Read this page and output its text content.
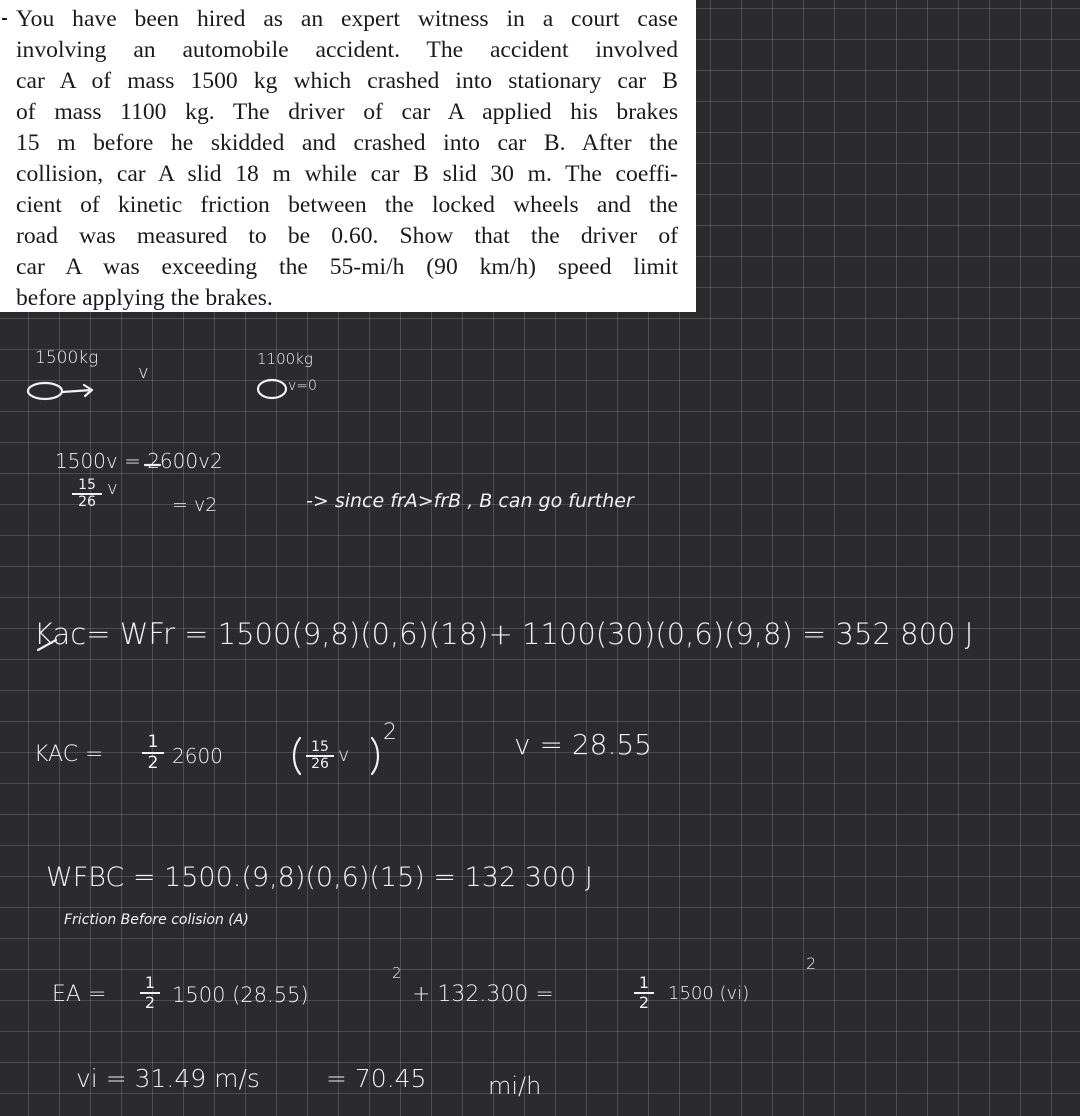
You have been hired as an expert witness in a court case
involving an automobile accident. The accident involved
car A of mass 1500 kg which crashed into stationary car B
of mass 1100 kg. The driver of car A applied his brakes
15 m before he skidded and crashed into car B. After the
collision, car A slid 18 m while car B slid 30 m. The coeffi-
cient of kinetic friction between the locked wheels and the
road was measured to be 0.60. Show that the driver of
car A was exceeding the 55-mi/h (90 km/h) speed limit
before applying the brakes.
1500kg
v
1100kg
v=0
1500v = 2600v2
$\frac{15}{26}$ v
= v2	-> since frA>frB , B can go further
Kac= WFr = 1500(9,8)(0,6)(18)+ 1100(30)(0,6)(9,8) = 352 800 J
KAC = $\frac{1}{2} 2600$	$\frac{15}{26}$ v
2	v = 28.55
WFBC = 1500.(9,8)(0,6)(15) = 132 300 J
Friction Before colision (A)
EA = $\frac{1}{2} 1500$ (28.55)
2
+ 132.300 =	$\frac{1}{2} 1500$ (vi)
2
vi = 31.49 m/s	= 70.45	mi/h
